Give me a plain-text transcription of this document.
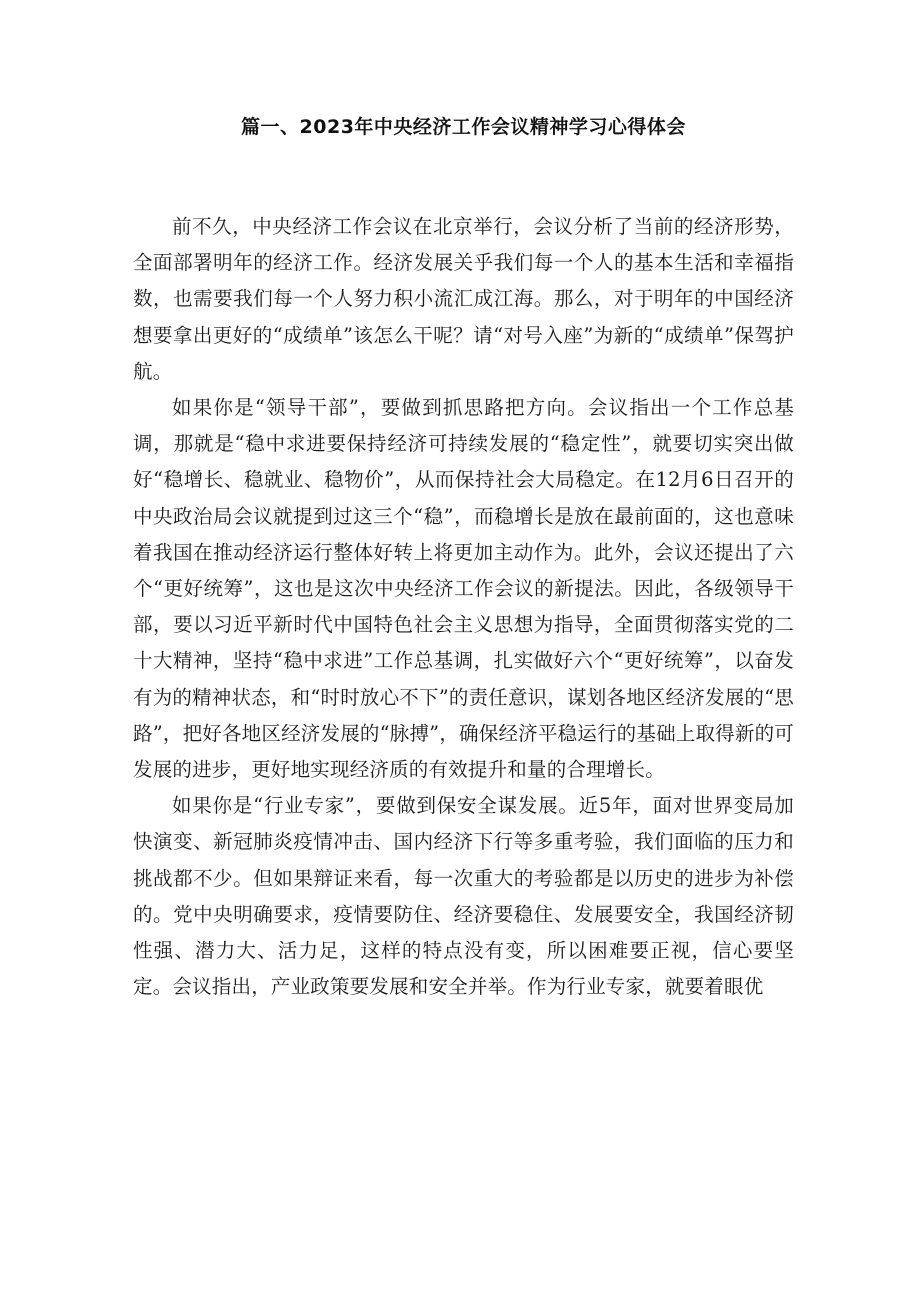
篇一、2023年中央经济工作会议精神学习心得体会

前不久，中央经济工作会议在北京举行，会议分析了当前的经济形势，全面部署明年的经济工作。经济发展关乎我们每一个人的基本生活和幸福指数，也需要我们每一个人努力积小流汇成江海。那么，对于明年的中国经济想要拿出更好的“成绩单”该怎么干呢？请“对号入座”为新的“成绩单”保驾护航。

如果你是“领导干部”，要做到抓思路把方向。会议指出一个工作总基调，那就是“稳中求进要保持经济可持续发展的“稳定性”，就要切实突出做好“稳增长、稳就业、稳物价”，从而保持社会大局稳定。在12月6日召开的中央政治局会议就提到过这三个“稳”，而稳增长是放在最前面的，这也意味着我国在推动经济运行整体好转上将更加主动作为。此外，会议还提出了六个“更好统筹”，这也是这次中央经济工作会议的新提法。因此，各级领导干部，要以习近平新时代中国特色社会主义思想为指导，全面贯彻落实党的二十大精神，坚持“稳中求进”工作总基调，扎实做好六个“更好统筹”，以奋发有为的精神状态，和“时时放心不下”的责任意识，谋划各地区经济发展的“思路”，把好各地区经济发展的“脉搏”，确保经济平稳运行的基础上取得新的可发展的进步，更好地实现经济质的有效提升和量的合理增长。

如果你是“行业专家”，要做到保安全谋发展。近5年，面对世界变局加快演变、新冠肺炎疫情冲击、国内经济下行等多重考验，我们面临的压力和挑战都不少。但如果辩证来看，每一次重大的考验都是以历史的进步为补偿的。党中央明确要求，疫情要防住、经济要稳住、发展要安全，我国经济韧性强、潜力大、活力足，这样的特点没有变，所以困难要正视，信心要坚定。会议指出，产业政策要发展和安全并举。作为行业专家，就要着眼优
